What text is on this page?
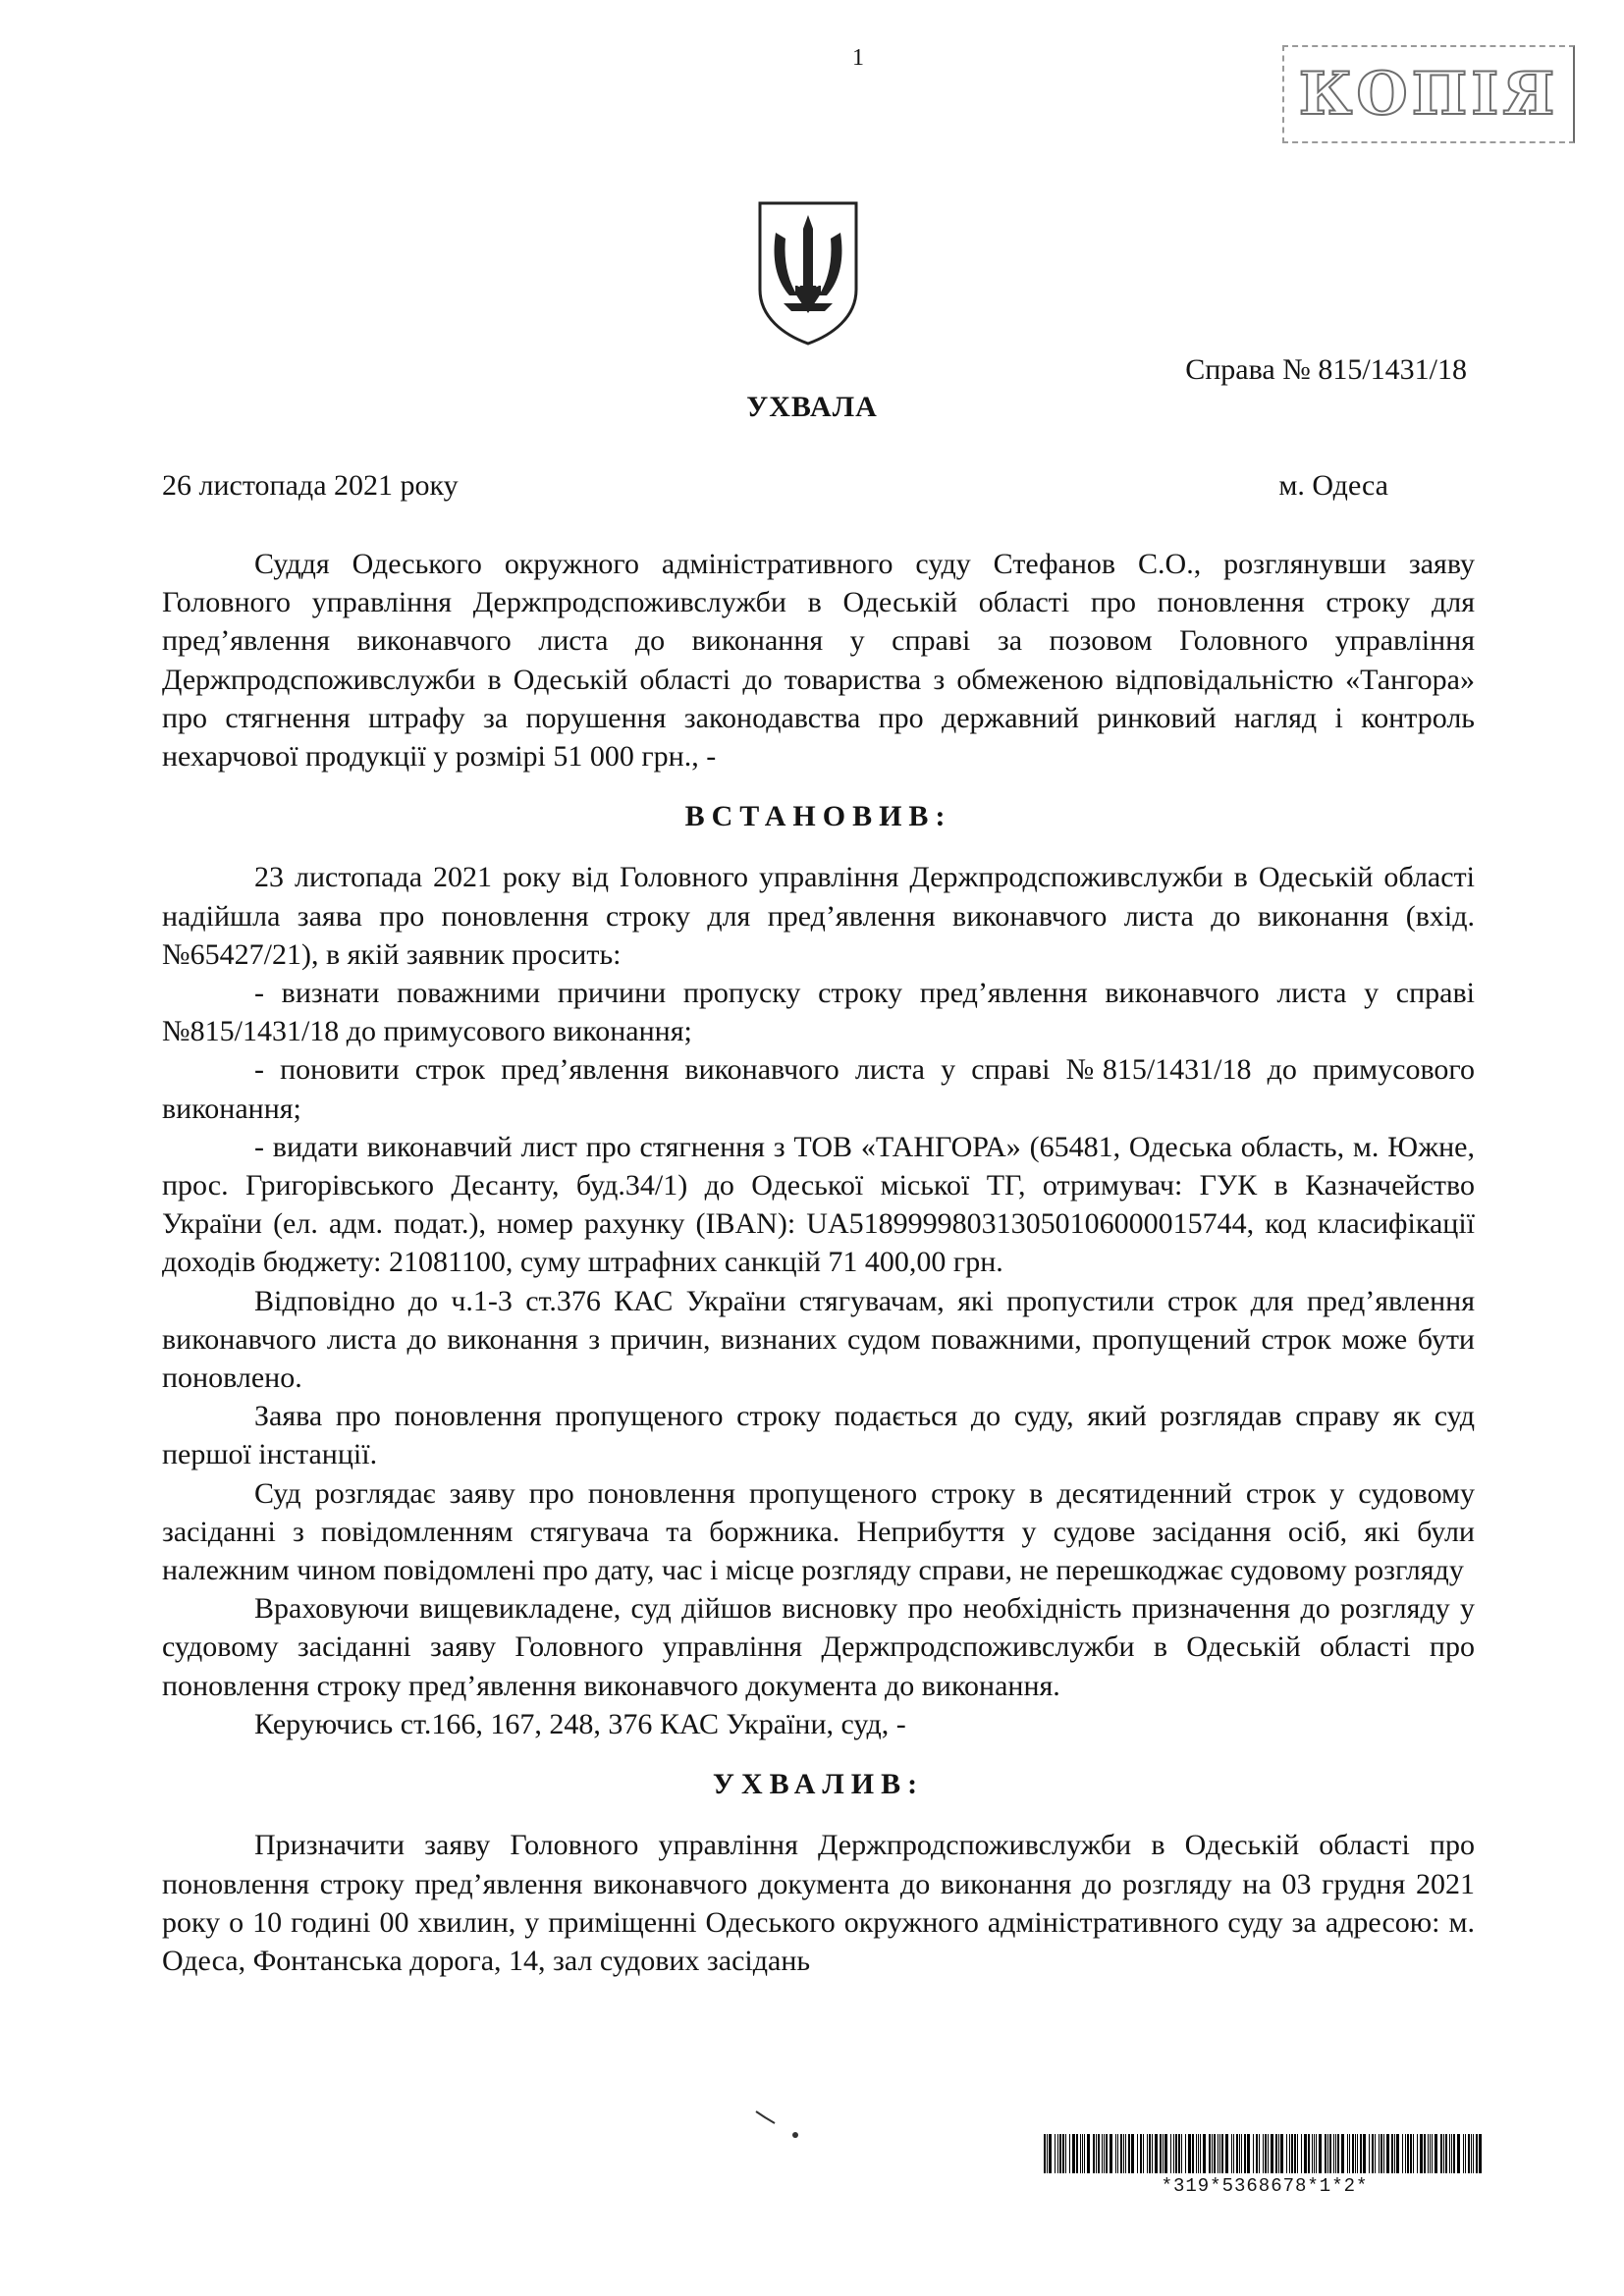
1
КОПІЯ
Справа № 815/1431/18
УХВАЛА
26 листопада 2021 року	м. Одеса

Суддя Одеського окружного адміністративного суду Стефанов С.О., розглянувши заяву Головного управління Держпродспоживслужби в Одеській області про поновлення строку для пред’явлення виконавчого листа до виконання у справі за позовом Головного управління Держпродспоживслужби в Одеській області до товариства з обмеженою відповідальністю «Тангора» про стягнення штрафу за порушення законодавства про державний ринковий нагляд і контроль нехарчової продукції у розмірі 51 000 грн., -

ВСТАНОВИВ:

23 листопада 2021 року від Головного управління Держпродспоживслужби в Одеській області надійшла заява про поновлення строку для пред’явлення виконавчого листа до виконання (вхід. №65427/21), в якій заявник просить:

- визнати поважними причини пропуску строку пред’явлення виконавчого листа у справі №815/1431/18 до примусового виконання;

- поновити строк пред’явлення виконавчого листа у справі №815/1431/18 до примусового виконання;

- видати виконавчий лист про стягнення з ТОВ «ТАНГОРА» (65481, Одеська область, м. Южне, прос. Григорівського Десанту, буд.34/1) до Одеської міської ТГ, отримувач: ГУК в Казначейство України (ел. адм. подат.), номер рахунку (IBAN): UA518999980313050106000015744, код класифікації доходів бюджету: 21081100, суму штрафних санкцій 71 400,00 грн.

Відповідно до ч.1-3 ст.376 КАС України стягувачам, які пропустили строк для пред’явлення виконавчого листа до виконання з причин, визнаних судом поважними, пропущений строк може бути поновлено.

Заява про поновлення пропущеного строку подається до суду, який розглядав справу як суд першої інстанції.

Суд розглядає заяву про поновлення пропущеного строку в десятиденний строк у судовому засіданні з повідомленням стягувача та боржника. Неприбуття у судове засідання осіб, які були належним чином повідомлені про дату, час і місце розгляду справи, не перешкоджає судовому розгляду

Враховуючи вищевикладене, суд дійшов висновку про необхідність призначення до розгляду у судовому засіданні заяву Головного управління Держпродспоживслужби в Одеській області про поновлення строку пред’явлення виконавчого документа до виконання.

Керуючись ст.166, 167, 248, 376 КАС України, суд, -

УХВАЛИВ:

Призначити заяву Головного управління Держпродспоживслужби в Одеській області про поновлення строку пред’явлення виконавчого документа до виконання до розгляду на 03 грудня 2021 року о 10 годині 00 хвилин, у приміщенні Одеського окружного адміністративного суду за адресою: м. Одеса, Фонтанська дорога, 14, зал судових засідань

*319*5368678*1*2*
